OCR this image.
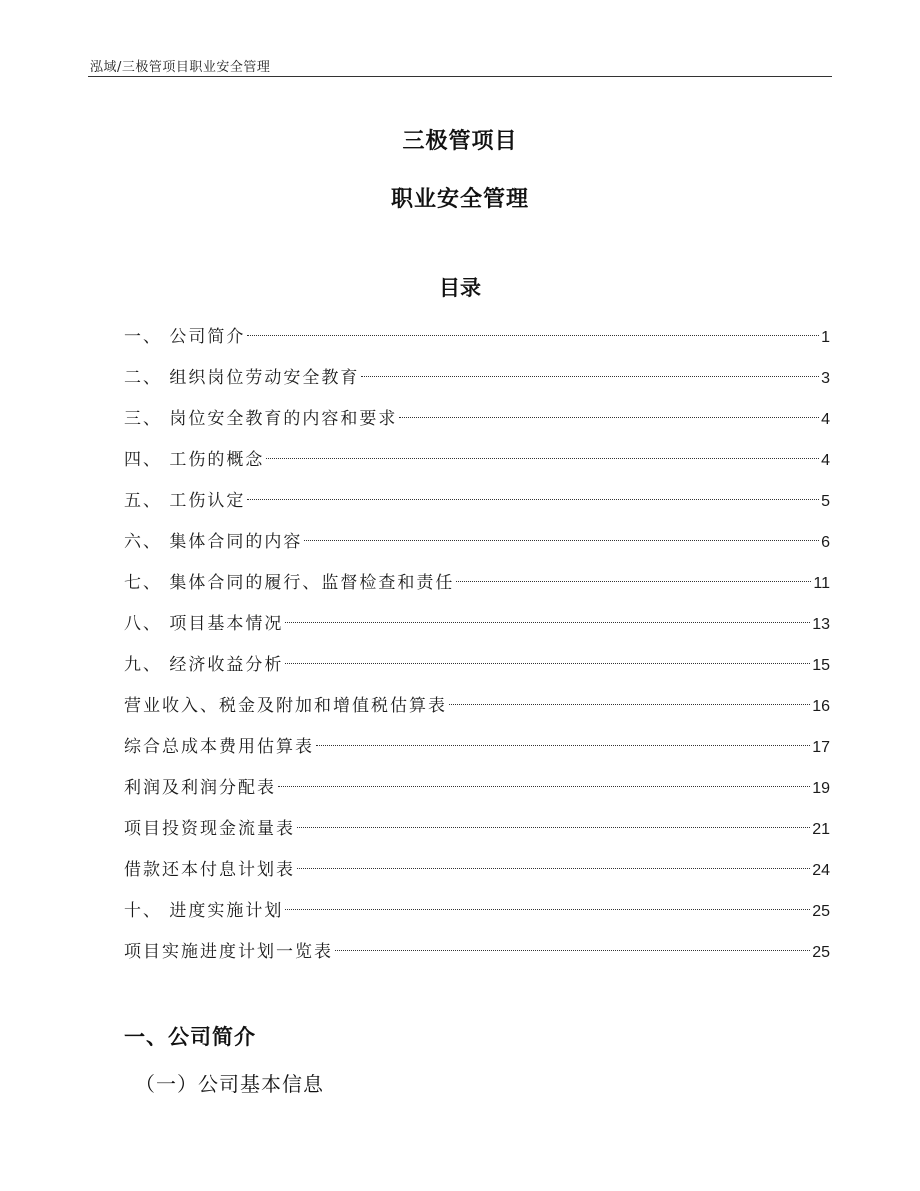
泓域/三极管项目职业安全管理
三极管项目
职业安全管理
目录
一、 公司简介	1
二、 组织岗位劳动安全教育	3
三、 岗位安全教育的内容和要求	4
四、 工伤的概念	4
五、 工伤认定	5
六、 集体合同的内容	6
七、 集体合同的履行、监督检查和责任	11
八、 项目基本情况	13
九、 经济收益分析	15
营业收入、税金及附加和增值税估算表	16
综合总成本费用估算表	17
利润及利润分配表	19
项目投资现金流量表	21
借款还本付息计划表	24
十、 进度实施计划	25
项目实施进度计划一览表	25
一、公司简介
（一）公司基本信息
